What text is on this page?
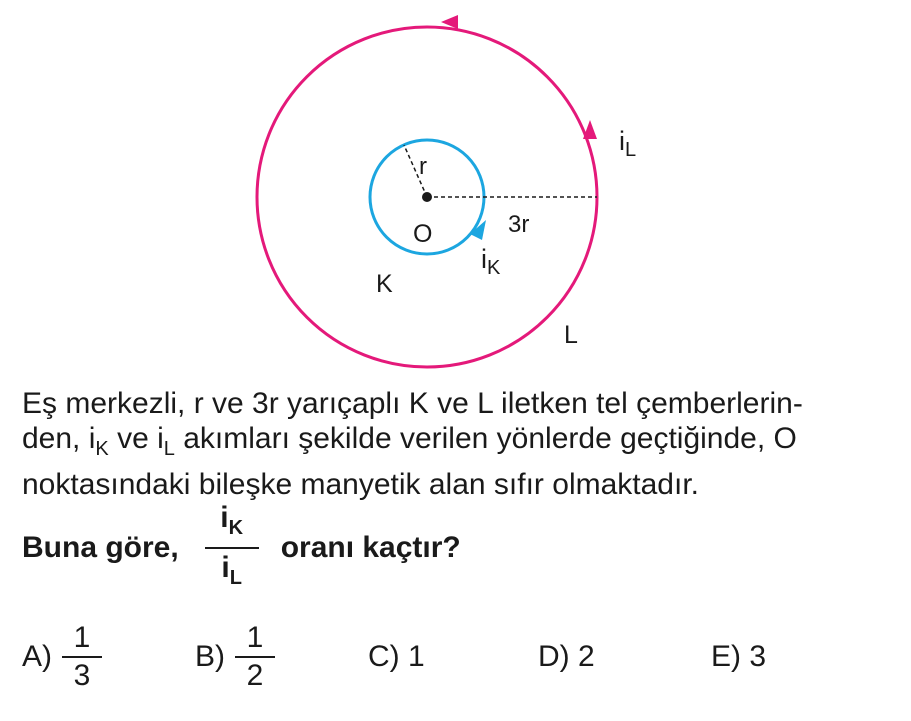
r
O	3r
$i_K$
$i_L$
K
L
Eş merkezli, r ve 3r yarıçaplı K ve L iletken tel çemberlerin-
den, $i_K$ ve $i_L$ akımları şekilde verilen yönlerde geçtiğinde, O
noktasındaki bileşke manyetik alan sıfır olmaktadır.
Buna göre, $\frac{i_K}{i_L}$ oranı kaçtır?
$A) \frac{1}{3}$	$B) \frac{1}{2}$	C)
1	D)
2	E)
3
